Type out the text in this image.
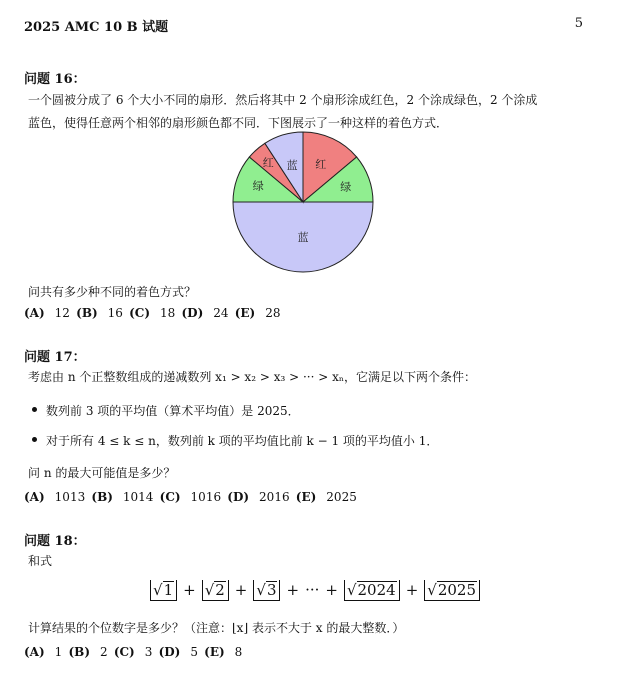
2025 AMC 10 B 试题	5
问题 16：
一个圆被分成了 6 个大小不同的扇形．然后将其中 2 个扇形涂成红色，2 个涂成绿色，2 个涂成
蓝色，使得任意两个相邻的扇形颜色都不同．下图展示了一种这样的着色方式．
红
绿
蓝
绿
红 蓝
问共有多少种不同的着色方式？
(A) 12 (B) 16 (C) 18 (D) 24 (E) 28
问题 17：
考虑由 n 个正整数组成的递减数列 x₁ > x₂ > x₃ > ··· > xₙ，它满足以下两个条件：
数列前 3 项的平均值（算术平均值）是 2025．
对于所有 4 ≤ k ≤ n，数列前 k 项的平均值比前 k − 1 项的平均值小 1．
问 n 的最大可能值是多少？
(A) 1013 (B) 1014 (C) 1016 (D) 2016 (E) 2025
问题 18：
和式
√1 + √2 + √3 + ··· + √2024 + √2025
计算结果的个位数字是多少？（注意：⌊x⌋ 表示不大于 x 的最大整数．）
(A) 1 (B) 2 (C) 3 (D) 5 (E) 8
